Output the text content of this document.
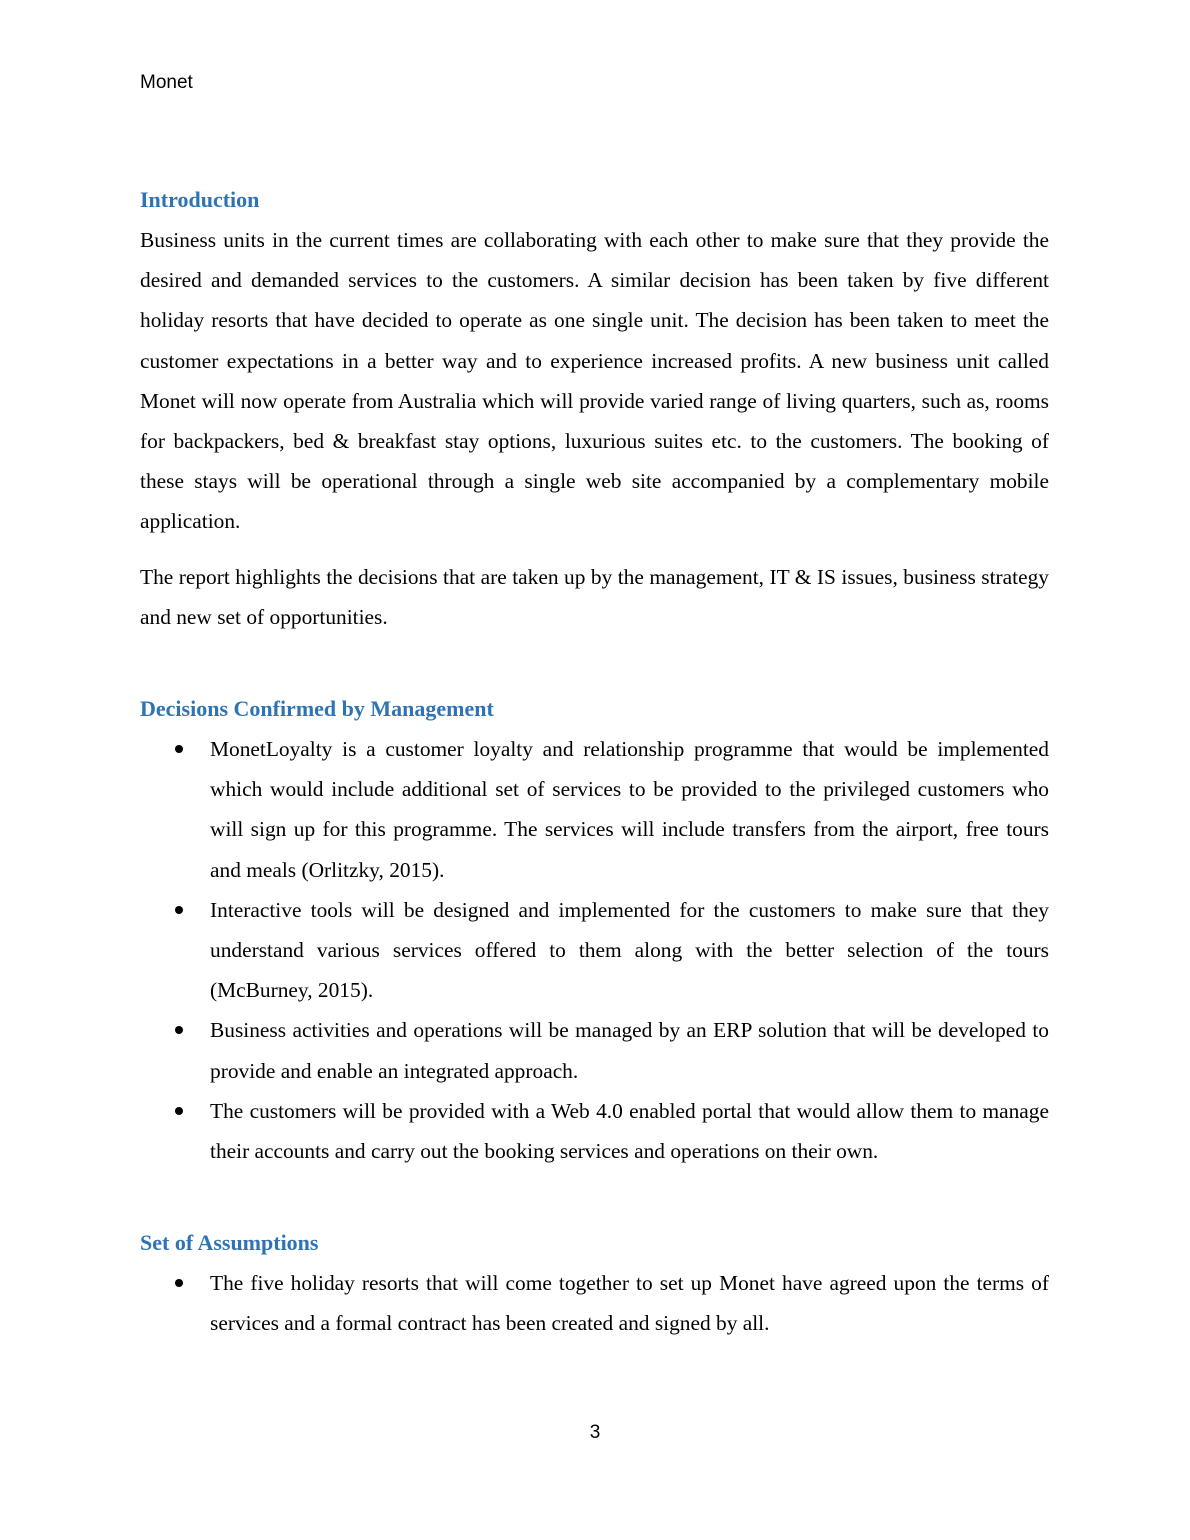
Monet
Introduction

Business units in the current times are collaborating with each other to make sure that they provide the desired and demanded services to the customers. A similar decision has been taken by five different holiday resorts that have decided to operate as one single unit. The decision has been taken to meet the customer expectations in a better way and to experience increased profits. A new business unit called Monet will now operate from Australia which will provide varied range of living quarters, such as, rooms for backpackers, bed & breakfast stay options, luxurious suites etc. to the customers. The booking of these stays will be operational through a single web site accompanied by a complementary mobile application.

The report highlights the decisions that are taken up by the management, IT & IS issues, business strategy and new set of opportunities.

Decisions Confirmed by Management
MonetLoyalty is a customer loyalty and relationship programme that would be implemented which would include additional set of services to be provided to the privileged customers who will sign up for this programme. The services will include transfers from the airport, free tours and meals (Orlitzky, 2015).
Interactive tools will be designed and implemented for the customers to make sure that they understand various services offered to them along with the better selection of the tours (McBurney, 2015).
Business activities and operations will be managed by an ERP solution that will be developed to provide and enable an integrated approach.
The customers will be provided with a Web 4.0 enabled portal that would allow them to manage their accounts and carry out the booking services and operations on their own.
Set of Assumptions
The five holiday resorts that will come together to set up Monet have agreed upon the terms of services and a formal contract has been created and signed by all.
3
